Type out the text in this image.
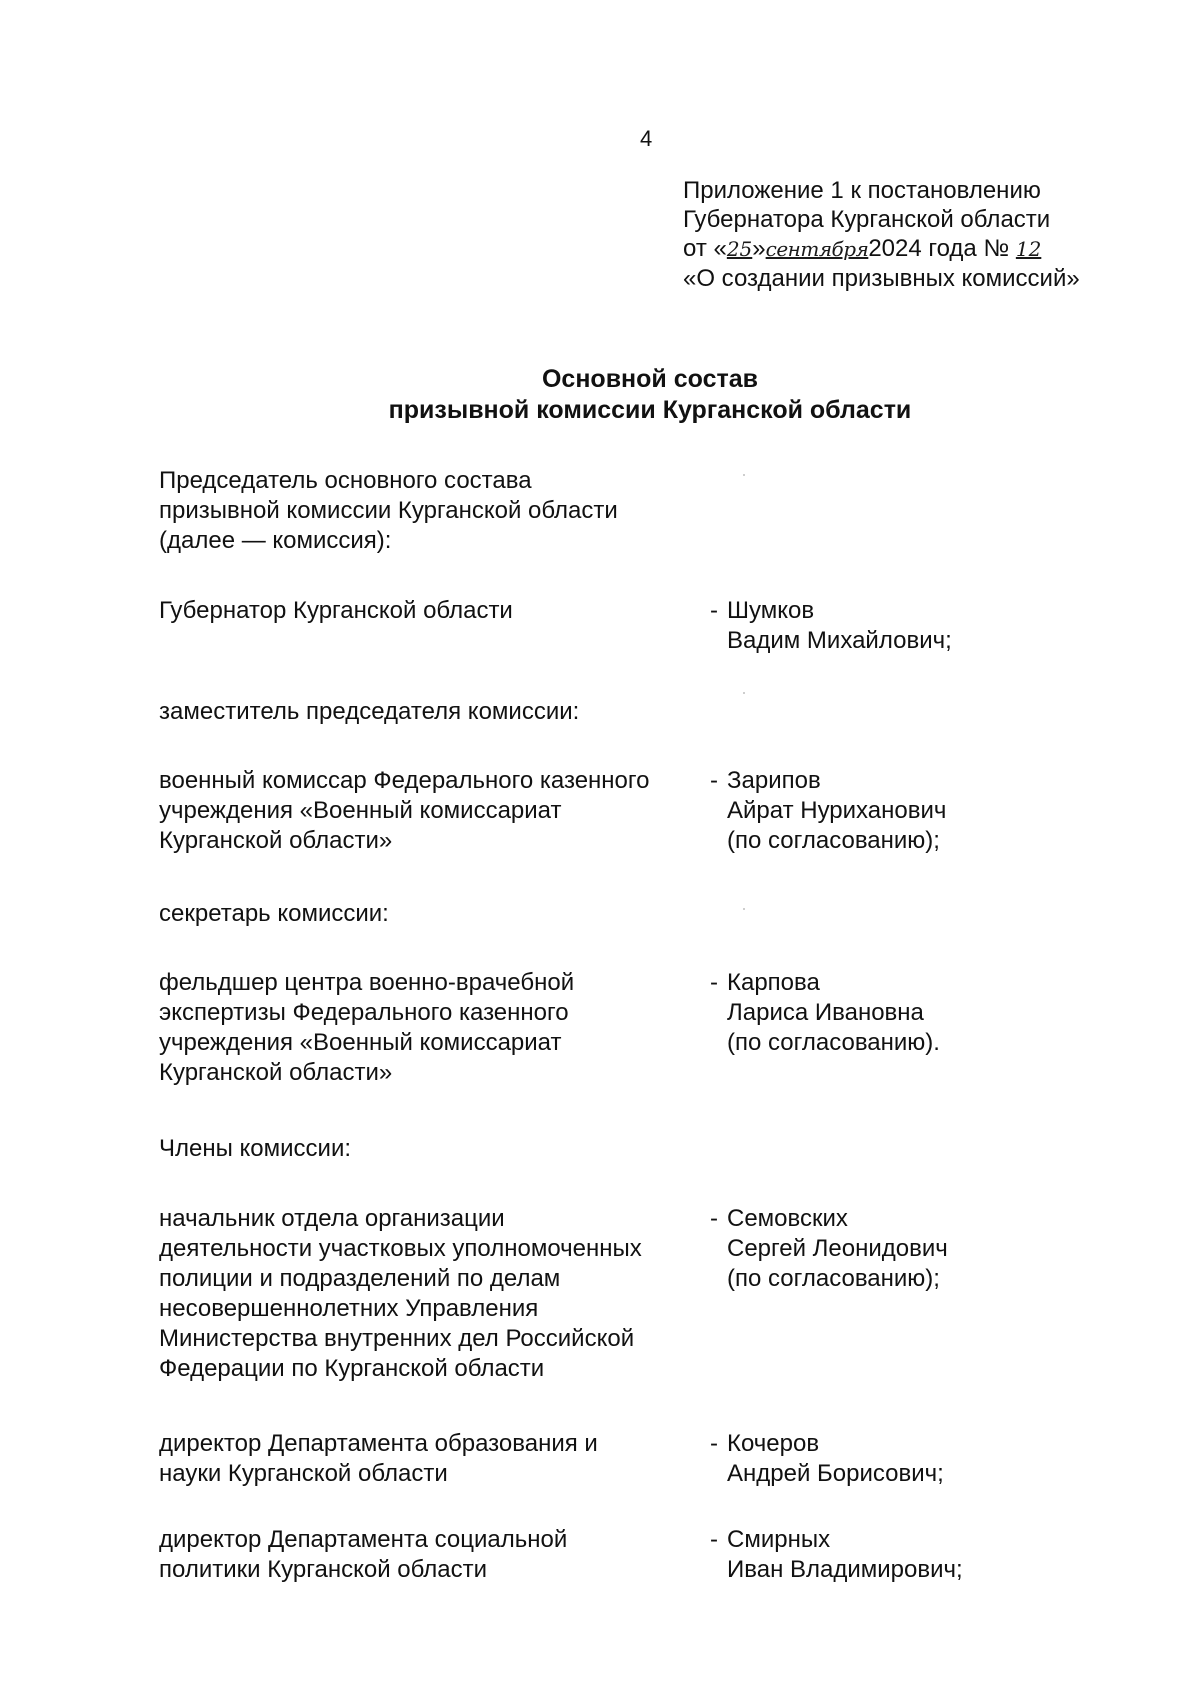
4
Приложение 1 к постановлению
Губернатора Курганской области
от «25»сентября2024 года № 12
«О создании призывных комиссий»
Основной состав
призывной комиссии Курганской области
Председатель основного состава
призывной комиссии Курганской области
(далее — комиссия):
Губернатор Курганской области	- Шумков
Вадим Михайлович;
заместитель председателя комиссии:
военный комиссар Федерального казенного
учреждения «Военный комиссариат
Курганской области»
- Зарипов
Айрат Нуриханович
(по согласованию);
секретарь комиссии:
фельдшер центра военно-врачебной
экспертизы Федерального казенного
учреждения «Военный комиссариат
Курганской области»
- Карпова
Лариса Ивановна
(по согласованию).
Члены комиссии:
начальник отдела организации
деятельности участковых уполномоченных
полиции и подразделений по делам
несовершеннолетних Управления
Министерства внутренних дел Российской
Федерации по Курганской области
- Семовских
Сергей Леонидович
(по согласованию);
директор Департамента образования и
науки Курганской области
- Кочеров
Андрей Борисович;
директор Департамента социальной
политики Курганской области
- Смирных
Иван Владимирович;
